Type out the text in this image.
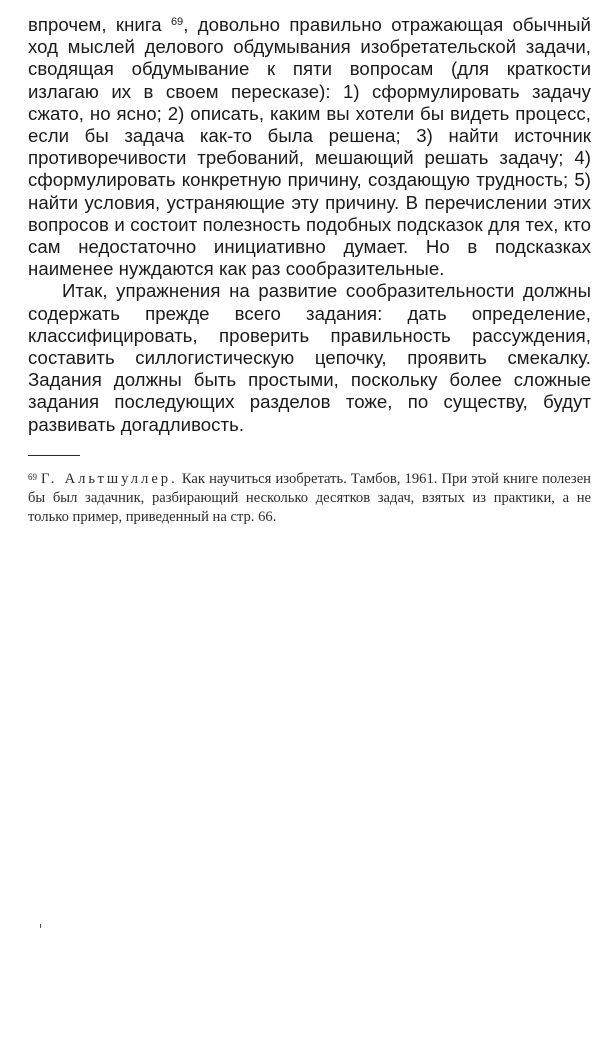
впрочем, книга $^{69}$, довольно правильно отражающая обычный ход мыслей делового обдумывания изобретательской задачи, сводящая обдумывание к пяти вопросам (для краткости излагаю их в своем пересказе): 1) сформулировать задачу сжато, но ясно; 2) описать, каким вы хотели бы видеть процесс, если бы задача как-то была решена; 3) найти источник противоречивости требований, мешающий решать задачу; 4) сформулировать конкретную причину, создающую трудность; 5) найти условия, устраняющие эту причину. В перечислении этих вопросов и состоит полезность подобных подсказок для тех, кто сам недостаточно инициативно думает. Но в подсказках наименее нуждаются как раз сообразительные.

Итак, упражнения на развитие сообразительности должны содержать прежде всего задания: дать определение, классифицировать, проверить правильность рассуждения, составить силлогистическую цепочку, проявить смекалку. Задания должны быть простыми, поскольку более сложные задания последующих разделов тоже, по существу, будут развивать догадливость.

$^{69}$ Г. Альтшуллер. Как научиться изобретать. Тамбов, 1961. При этой книге полезен бы был задачник, разбирающий несколько десятков задач, взятых из практики, а не только пример, приведенный на стр. 66.
